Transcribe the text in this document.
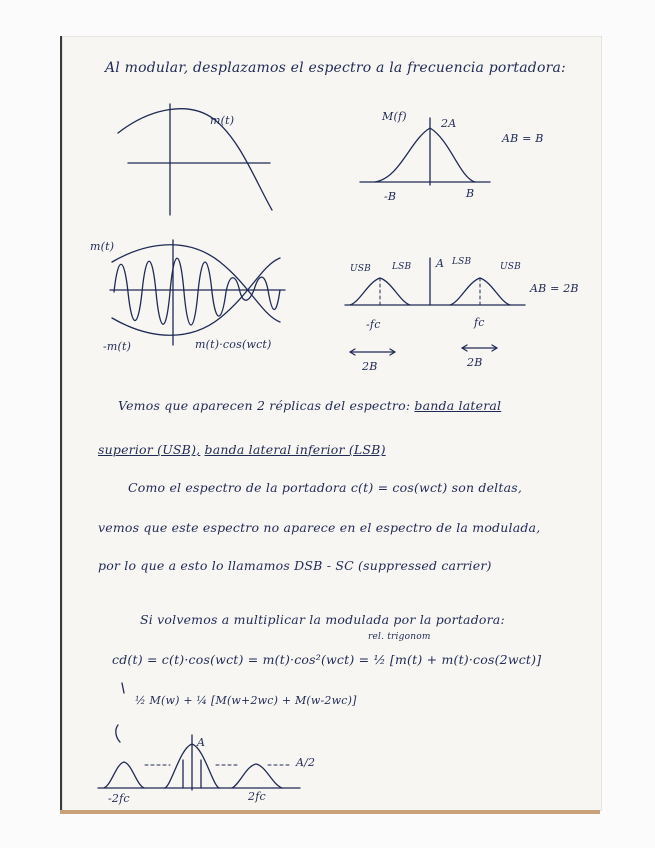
Al modular, desplazamos el espectro a la frecuencia portadora:
m(t)	M(f)
2A
-B	B
AB = B
m(t)
-m(t)	m(t)·cos(wct)
USB LSB A LSB	USB
-fc	fc
2B	2B
AB = 2B
Vemos que aparecen 2 réplicas del espectro: banda lateral
superior (USB), banda lateral inferior (LSB)
Como el espectro de la portadora c(t) = cos(wct) son deltas,
vemos que este espectro no aparece en el espectro de la modulada,
por lo que a esto lo llamamos DSB - SC (suppressed carrier)
Si volvemos a multiplicar la modulada por la portadora:
rel. trigonom
cd(t) = c(t)·cos(wct) = m(t)·cos²(wct) = ½ [m(t) + m(t)·cos(2wct)]
½ M(w) + ¼ [M(w+2wc) + M(w-2wc)]
A
A/2
-2fc	2fc
